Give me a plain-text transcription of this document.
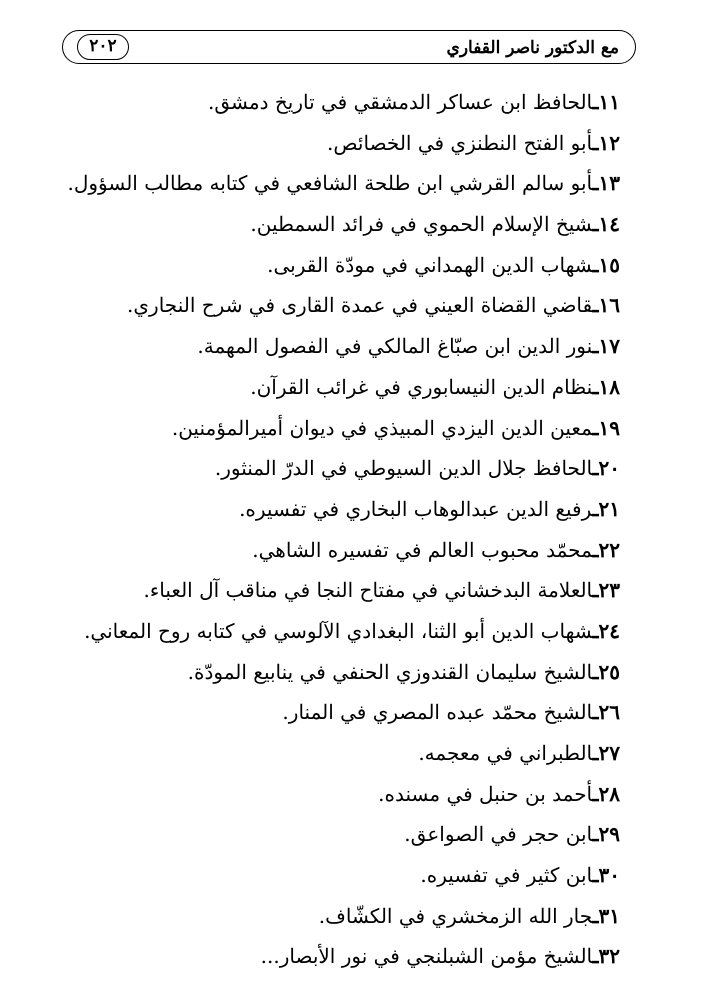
مع الدكتور ناصر القفاري
٢٠٢
١١ـالحافظ ابن عساكر الدمشقي في تاريخ دمشق.
١٢ـأبو الفتح النطنزي في الخصائص.
١٣ـأبو سالم القرشي ابن طلحة الشافعي في كتابه مطالب السؤول.
١٤ـشيخ الإسلام الحموي في فرائد السمطين.
١٥ـشهاب الدين الهمداني في مودّة القربى.
١٦ـقاضي القضاة العيني في عمدة القارى في شرح النجاري.
١٧ـنور الدين ابن صبّاغ المالكي في الفصول المهمة.
١٨ـنظام الدين النيسابوري في غرائب القرآن.
١٩ـمعين الدين اليزدي المبيذي في ديوان أميرالمؤمنين.
٢٠ـالحافظ جلال الدين السيوطي في الدرّ المنثور.
٢١ـرفيع الدين عبدالوهاب البخاري في تفسيره.
٢٢ـمحمّد محبوب العالم في تفسيره الشاهي.
٢٣ـالعلامة البدخشاني في مفتاح النجا في مناقب آل العباء.
٢٤ـشهاب الدين أبو الثنا، البغدادي الآلوسي في كتابه روح المعاني.
٢٥ـالشيخ سليمان القندوزي الحنفي في ينابيع المودّة.
٢٦ـالشيخ محمّد عبده المصري في المنار.
٢٧ـالطبراني في معجمه.
٢٨ـأحمد بن حنبل في مسنده.
٢٩ـابن حجر في الصواعق.
٣٠ـابن كثير في تفسيره.
٣١ـجار الله الزمخشري في الكشّاف.
٣٢ـالشيخ مؤمن الشبلنجي في نور الأبصار...
